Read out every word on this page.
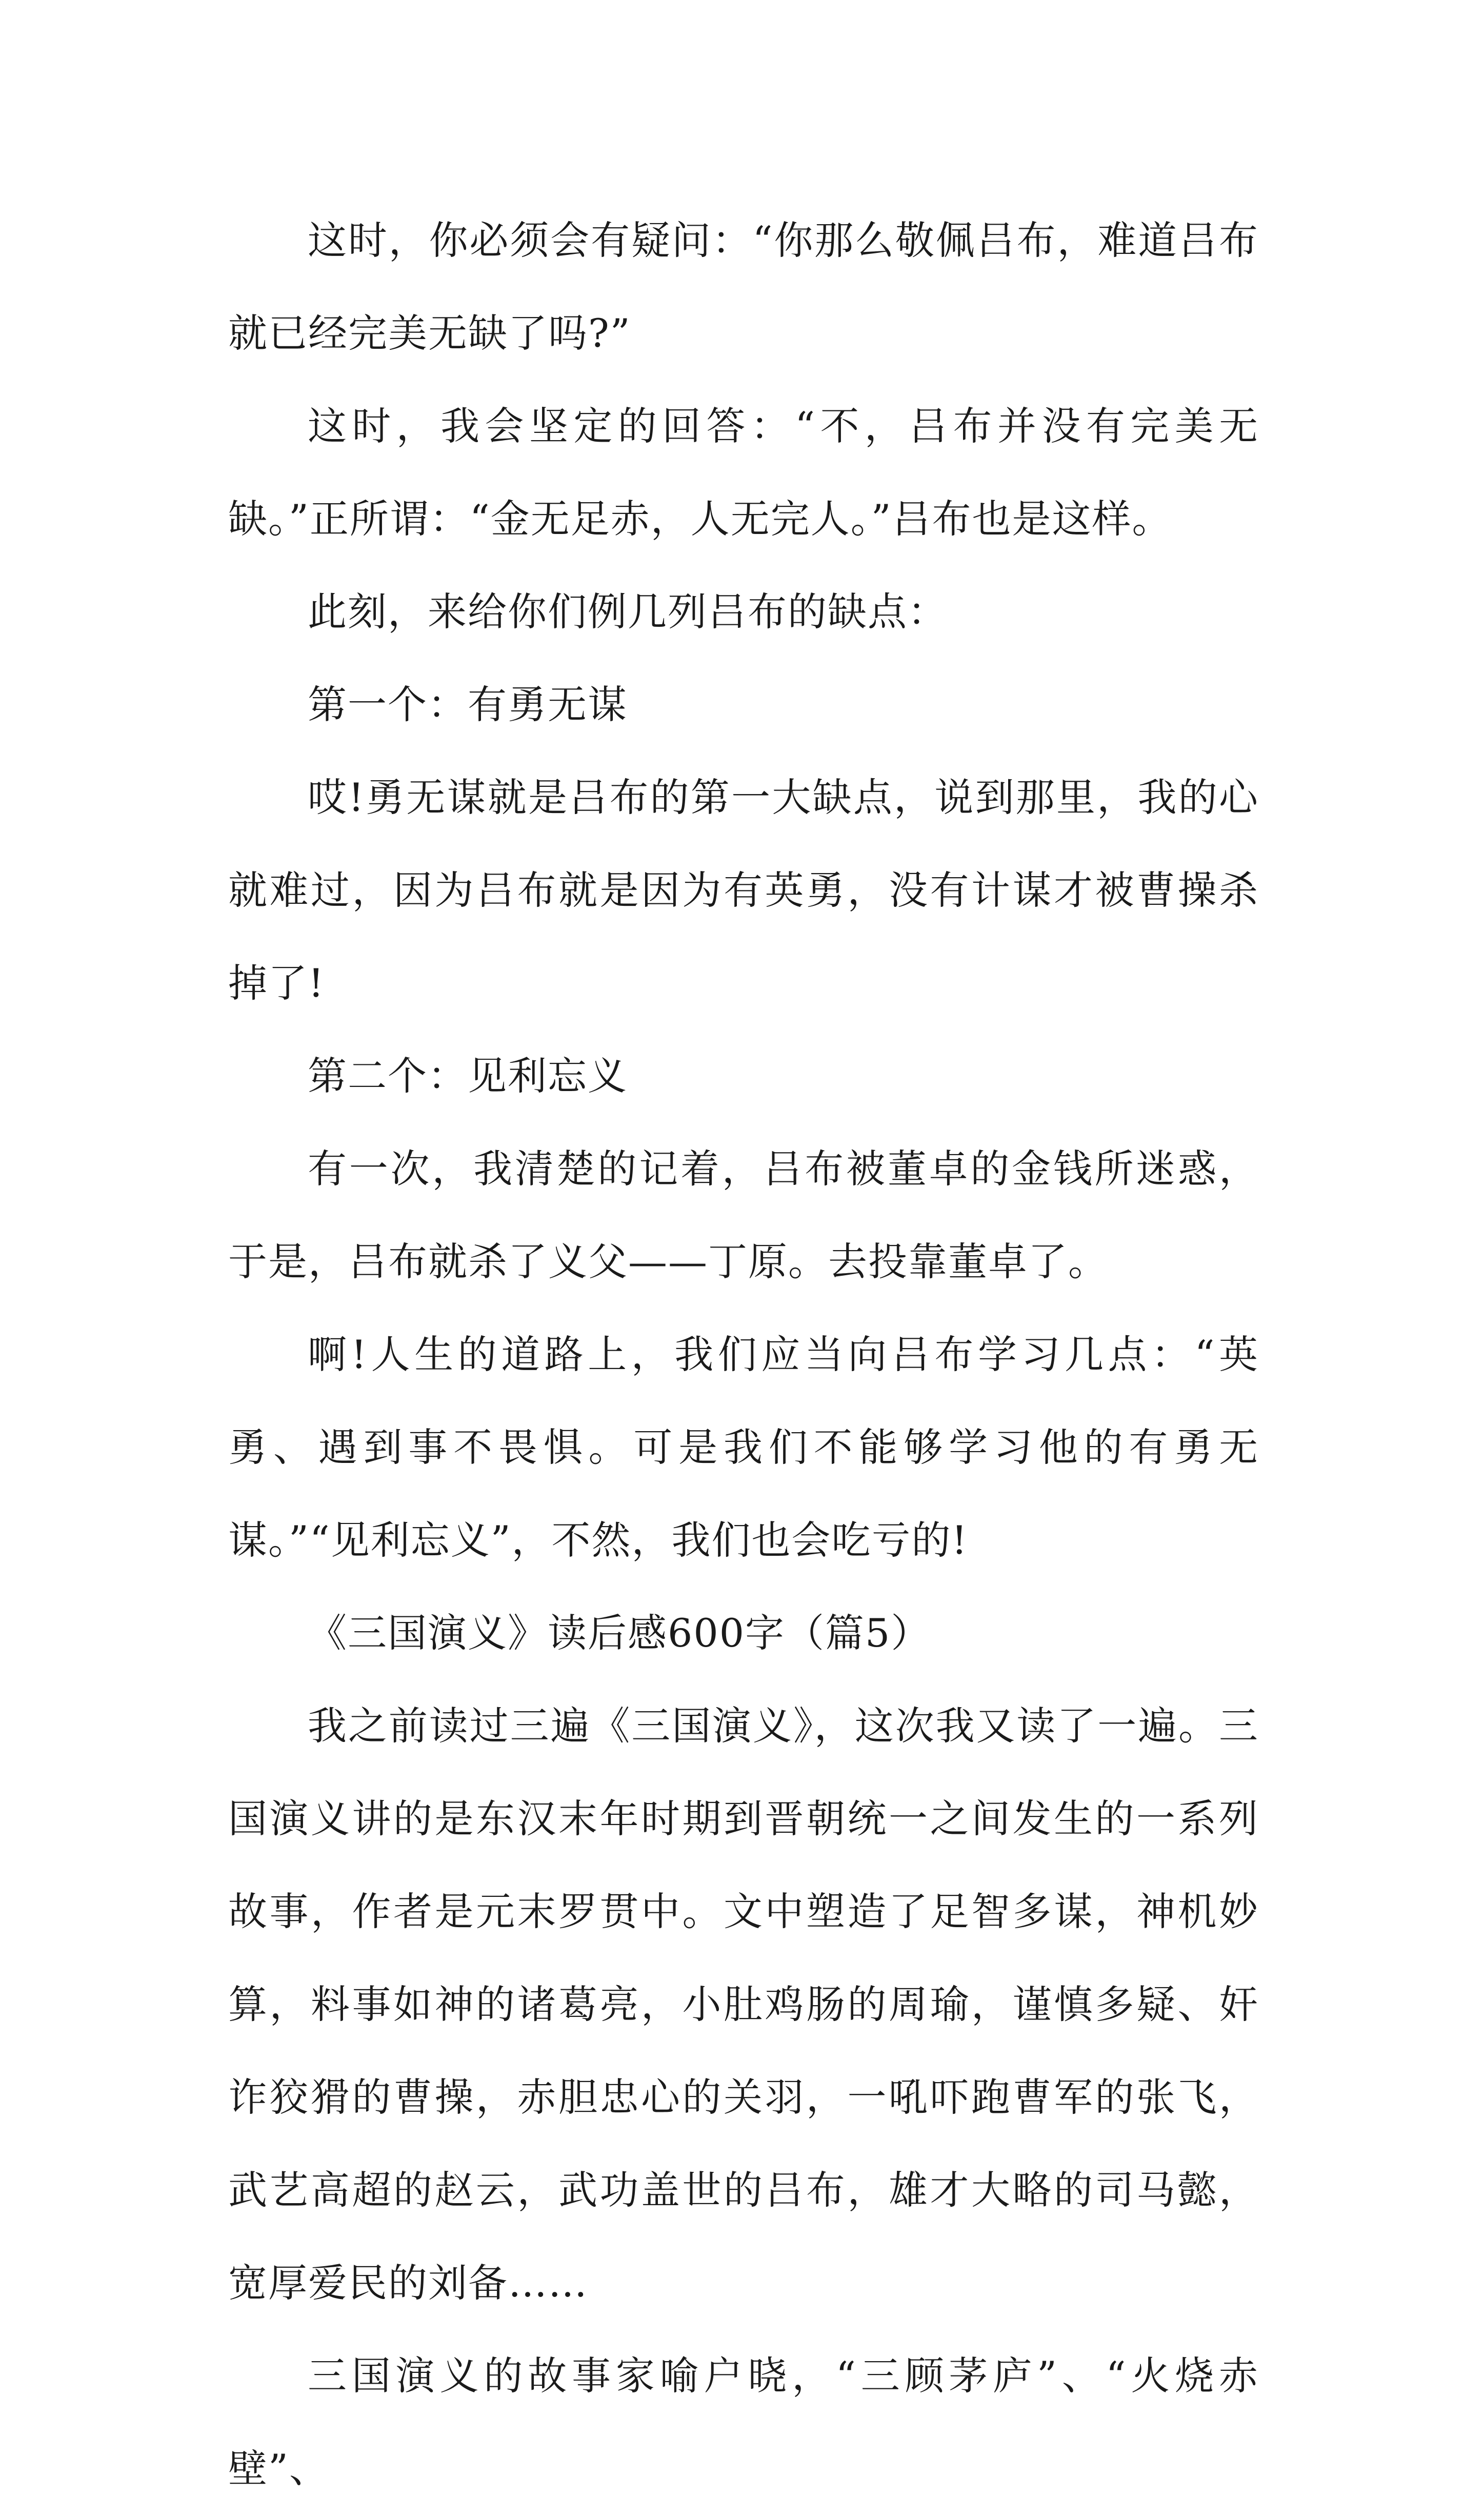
这时，你必须会有疑问：“你那么敬佩吕布，难道吕布就已经完美无缺了吗?”

这时，我会坚定的回答：“不，吕布并没有完美无缺。”正所谓：“金无足赤，人无完人。”吕布也是这样。

此刻，来给你们例几列吕布的缺点：

第一个：有勇无谋

哎!勇无谋就是吕布的第一大缺点，说到那里，我的心就难过，因为吕布就是因为有英勇，没有计谋才被曹操杀掉了!

第二个：见利忘义

有一次，我清楚的记着，吕布被董卓的金钱所迷惑，于是，吕布就杀了义父——丁原。去投靠董卓了。

啊!人生的道路上，我们应当向吕布学习几点：“英勇、遇到事不畏惧。可是我们不能够学习他的有勇无谋。”“见利忘义”，不然，我们也会吃亏的!

《三国演义》读后感600字（篇5）

我之前读过三遍《三国演义》，这次我又读了一遍。三国演义讲的是东汉末年时期到晋朝统一之间发生的一系列故事，作者是元末罗贯中。文中塑造了足智多谋，神机妙算，料事如神的诸葛亮，小肚鸡肠的周瑜，谨慎多疑、奸诈狡猾的曹操，赤胆忠心的关羽，一吼吓跑曹军的张飞，武艺高超的赵云，武功盖世的吕布，雄才大略的司马懿，宽厚爱民的刘备……

三国演义的故事家喻户晓，“三顾茅庐”、“火烧赤壁”、
